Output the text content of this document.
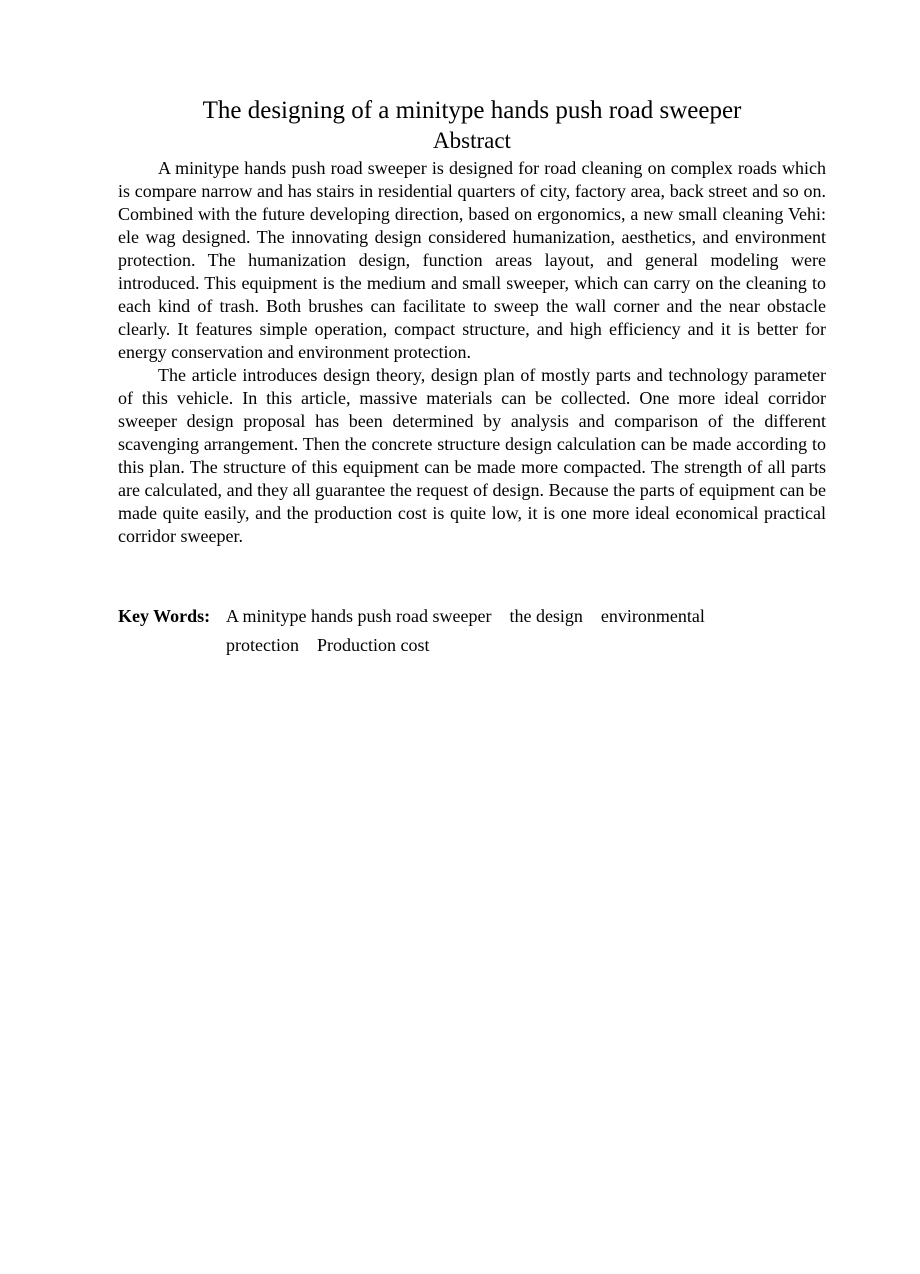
The designing of a minitype hands push road sweeper
Abstract

A minitype hands push road sweeper is designed for road cleaning on complex roads which is compare narrow and has stairs in residential quarters of city, factory area, back street and so on. Combined with the future developing direction, based on ergonomics, a new small cleaning Vehi: ele wag designed. The innovating design considered humanization, aesthetics, and environment protection. The humanization design, function areas layout, and general modeling were introduced. This equipment is the medium and small sweeper, which can carry on the cleaning to each kind of trash. Both brushes can facilitate to sweep the wall corner and the near obstacle clearly. It features simple operation, compact structure, and high efficiency and it is better for energy conservation and environment protection.

The article introduces design theory, design plan of mostly parts and technology parameter of this vehicle. In this article, massive materials can be collected. One more ideal corridor sweeper design proposal has been determined by analysis and comparison of the different scavenging arrangement. Then the concrete structure design calculation can be made according to this plan. The structure of this equipment can be made more compacted. The strength of all parts are calculated, and they all guarantee the request of design. Because the parts of equipment can be made quite easily, and the production cost is quite low, it is one more ideal economical practical corridor sweeper.

Key Words: A minitype hands push road sweeper    the design    environmental
protection    Production cost
